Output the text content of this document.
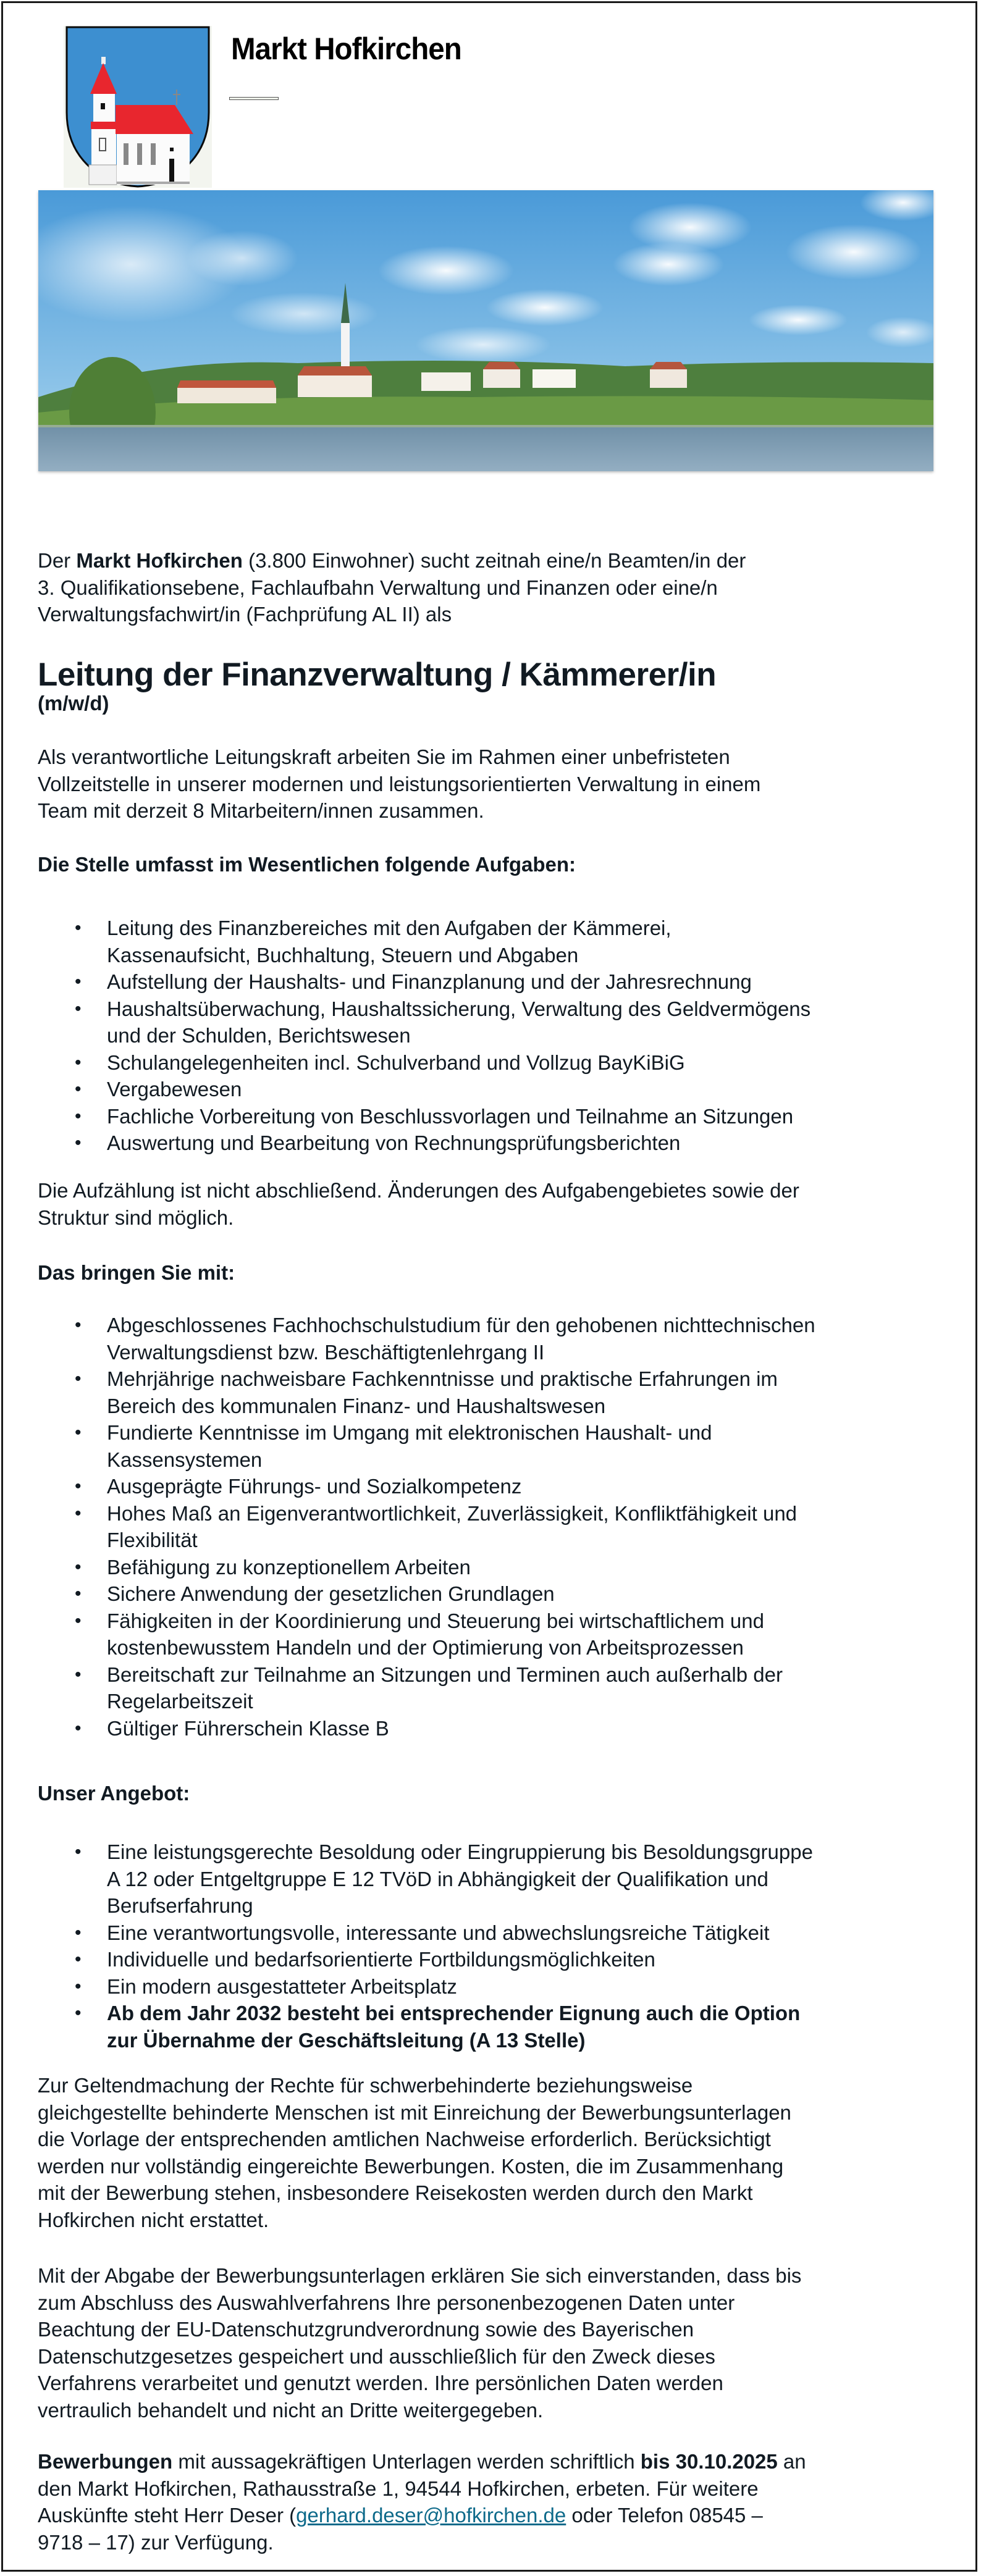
Markt Hofkirchen
Der Markt Hofkirchen (3.800 Einwohner) sucht zeitnah eine/n Beamten/in der
3. Qualifikationsebene, Fachlaufbahn Verwaltung und Finanzen oder eine/n
Verwaltungsfachwirt/in (Fachprüfung AL II) als
Leitung der Finanzverwaltung / Kämmerer/in
(m/w/d)
Als verantwortliche Leitungskraft arbeiten Sie im Rahmen einer unbefristeten
Vollzeitstelle in unserer modernen und leistungsorientierten Verwaltung in einem
Team mit derzeit 8 Mitarbeitern/innen zusammen.
Die Stelle umfasst im Wesentlichen folgende Aufgaben:
• Leitung des Finanzbereiches mit den Aufgaben der Kämmerei,
Kassenaufsicht, Buchhaltung, Steuern und Abgaben
• Aufstellung der Haushalts- und Finanzplanung und der Jahresrechnung
• Haushaltsüberwachung, Haushaltssicherung, Verwaltung des Geldvermögens
und der Schulden, Berichtswesen
• Schulangelegenheiten incl. Schulverband und Vollzug BayKiBiG
• Vergabewesen
• Fachliche Vorbereitung von Beschlussvorlagen und Teilnahme an Sitzungen
• Auswertung und Bearbeitung von Rechnungsprüfungsberichten
Die Aufzählung ist nicht abschließend. Änderungen des Aufgabengebietes sowie der
Struktur sind möglich.
Das bringen Sie mit:
• Abgeschlossenes Fachhochschulstudium für den gehobenen nichttechnischen
Verwaltungsdienst bzw. Beschäftigtenlehrgang II
• Mehrjährige nachweisbare Fachkenntnisse und praktische Erfahrungen im
Bereich des kommunalen Finanz- und Haushaltswesen
• Fundierte Kenntnisse im Umgang mit elektronischen Haushalt- und
Kassensystemen
• Ausgeprägte Führungs- und Sozialkompetenz
• Hohes Maß an Eigenverantwortlichkeit, Zuverlässigkeit, Konfliktfähigkeit und
Flexibilität
• Befähigung zu konzeptionellem Arbeiten
• Sichere Anwendung der gesetzlichen Grundlagen
• Fähigkeiten in der Koordinierung und Steuerung bei wirtschaftlichem und
kostenbewusstem Handeln und der Optimierung von Arbeitsprozessen
• Bereitschaft zur Teilnahme an Sitzungen und Terminen auch außerhalb der
Regelarbeitszeit
• Gültiger Führerschein Klasse B
Unser Angebot:
• Eine leistungsgerechte Besoldung oder Eingruppierung bis Besoldungsgruppe
A 12 oder Entgeltgruppe E 12 TVöD in Abhängigkeit der Qualifikation und
Berufserfahrung
• Eine verantwortungsvolle, interessante und abwechslungsreiche Tätigkeit
• Individuelle und bedarfsorientierte Fortbildungsmöglichkeiten
• Ein modern ausgestatteter Arbeitsplatz
• Ab dem Jahr 2032 besteht bei entsprechender Eignung auch die Option
zur Übernahme der Geschäftsleitung (A 13 Stelle)
Zur Geltendmachung der Rechte für schwerbehinderte beziehungsweise
gleichgestellte behinderte Menschen ist mit Einreichung der Bewerbungsunterlagen
die Vorlage der entsprechenden amtlichen Nachweise erforderlich. Berücksichtigt
werden nur vollständig eingereichte Bewerbungen. Kosten, die im Zusammenhang
mit der Bewerbung stehen, insbesondere Reisekosten werden durch den Markt
Hofkirchen nicht erstattet.
Mit der Abgabe der Bewerbungsunterlagen erklären Sie sich einverstanden, dass bis
zum Abschluss des Auswahlverfahrens Ihre personenbezogenen Daten unter
Beachtung der EU-Datenschutzgrundverordnung sowie des Bayerischen
Datenschutzgesetzes gespeichert und ausschließlich für den Zweck dieses
Verfahrens verarbeitet und genutzt werden. Ihre persönlichen Daten werden
vertraulich behandelt und nicht an Dritte weitergegeben.
Bewerbungen mit aussagekräftigen Unterlagen werden schriftlich bis 30.10.2025 an
den Markt Hofkirchen, Rathausstraße 1, 94544 Hofkirchen, erbeten. Für weitere
Auskünfte steht Herr Deser (gerhard.deser@hofkirchen.de oder Telefon 08545 –
9718 – 17) zur Verfügung.
